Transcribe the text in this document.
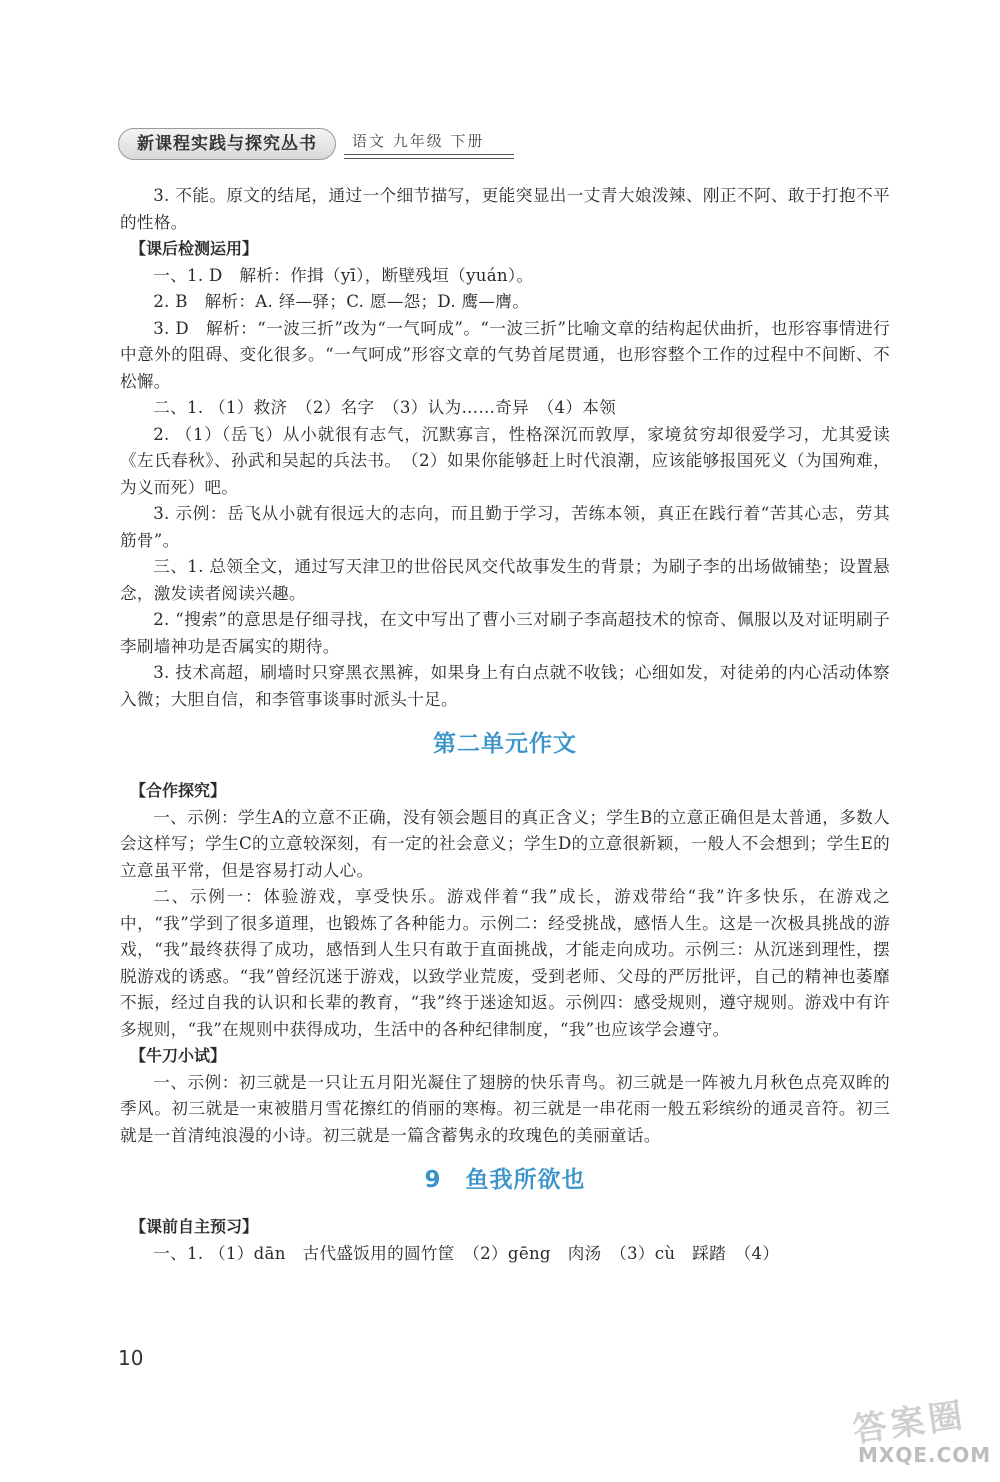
新课程实践与探究丛书	语文 九年级 下册

3. 不能。原文的结尾，通过一个细节描写，更能突显出一丈青大娘泼辣、刚正不阿、敢于打抱不平的性格。

【课后检测运用】

一、1. D　解析：作揖（yī），断壁残垣（yuán）。

2. B　解析：A. 绎—驿；C. 愿—怨；D. 鹰—膺。

3. D　解析：“一波三折”改为“一气呵成”。“一波三折”比喻文章的结构起伏曲折，也形容事情进行中意外的阻碍、变化很多。“一气呵成”形容文章的气势首尾贯通，也形容整个工作的过程中不间断、不松懈。

二、1. （1）救济　（2）名字　（3）认为……奇异　（4）本领

2. （1）（岳飞）从小就很有志气，沉默寡言，性格深沉而敦厚，家境贫穷却很爱学习，尤其爱读《左氏春秋》、孙武和吴起的兵法书。　（2）如果你能够赶上时代浪潮，应该能够报国死义（为国殉难，为义而死）吧。

3. 示例：岳飞从小就有很远大的志向，而且勤于学习，苦练本领，真正在践行着“苦其心志，劳其筋骨”。

三、1. 总领全文，通过写天津卫的世俗民风交代故事发生的背景；为刷子李的出场做铺垫；设置悬念，激发读者阅读兴趣。

2. “搜索”的意思是仔细寻找，在文中写出了曹小三对刷子李高超技术的惊奇、佩服以及对证明刷子李刷墙神功是否属实的期待。

3. 技术高超，刷墙时只穿黑衣黑裤，如果身上有白点就不收钱；心细如发，对徒弟的内心活动体察入微；大胆自信，和李管事谈事时派头十足。

第二单元作文

【合作探究】

一、示例：学生A的立意不正确，没有领会题目的真正含义；学生B的立意正确但是太普通，多数人会这样写；学生C的立意较深刻，有一定的社会意义；学生D的立意很新颖，一般人不会想到；学生E的立意虽平常，但是容易打动人心。

二、示例一：体验游戏，享受快乐。游戏伴着“我”成长，游戏带给“我”许多快乐，在游戏之中，“我”学到了很多道理，也锻炼了各种能力。示例二：经受挑战，感悟人生。这是一次极具挑战的游戏，“我”最终获得了成功，感悟到人生只有敢于直面挑战，才能走向成功。示例三：从沉迷到理性，摆脱游戏的诱惑。“我”曾经沉迷于游戏，以致学业荒废，受到老师、父母的严厉批评，自己的精神也萎靡不振，经过自我的认识和长辈的教育，“我”终于迷途知返。示例四：感受规则，遵守规则。游戏中有许多规则，“我”在规则中获得成功，生活中的各种纪律制度，“我”也应该学会遵守。

【牛刀小试】

一、示例：初三就是一只让五月阳光凝住了翅膀的快乐青鸟。初三就是一阵被九月秋色点亮双眸的季风。初三就是一束被腊月雪花擦红的俏丽的寒梅。初三就是一串花雨一般五彩缤纷的通灵音符。初三就是一首清纯浪漫的小诗。初三就是一篇含蓄隽永的玫瑰色的美丽童话。

9　鱼我所欲也

【课前自主预习】

一、1. （1）dān　古代盛饭用的圆竹筐　（2）gēng　肉汤　（3）cù　踩踏　（4）

10
答案圈
MXQE.COM
